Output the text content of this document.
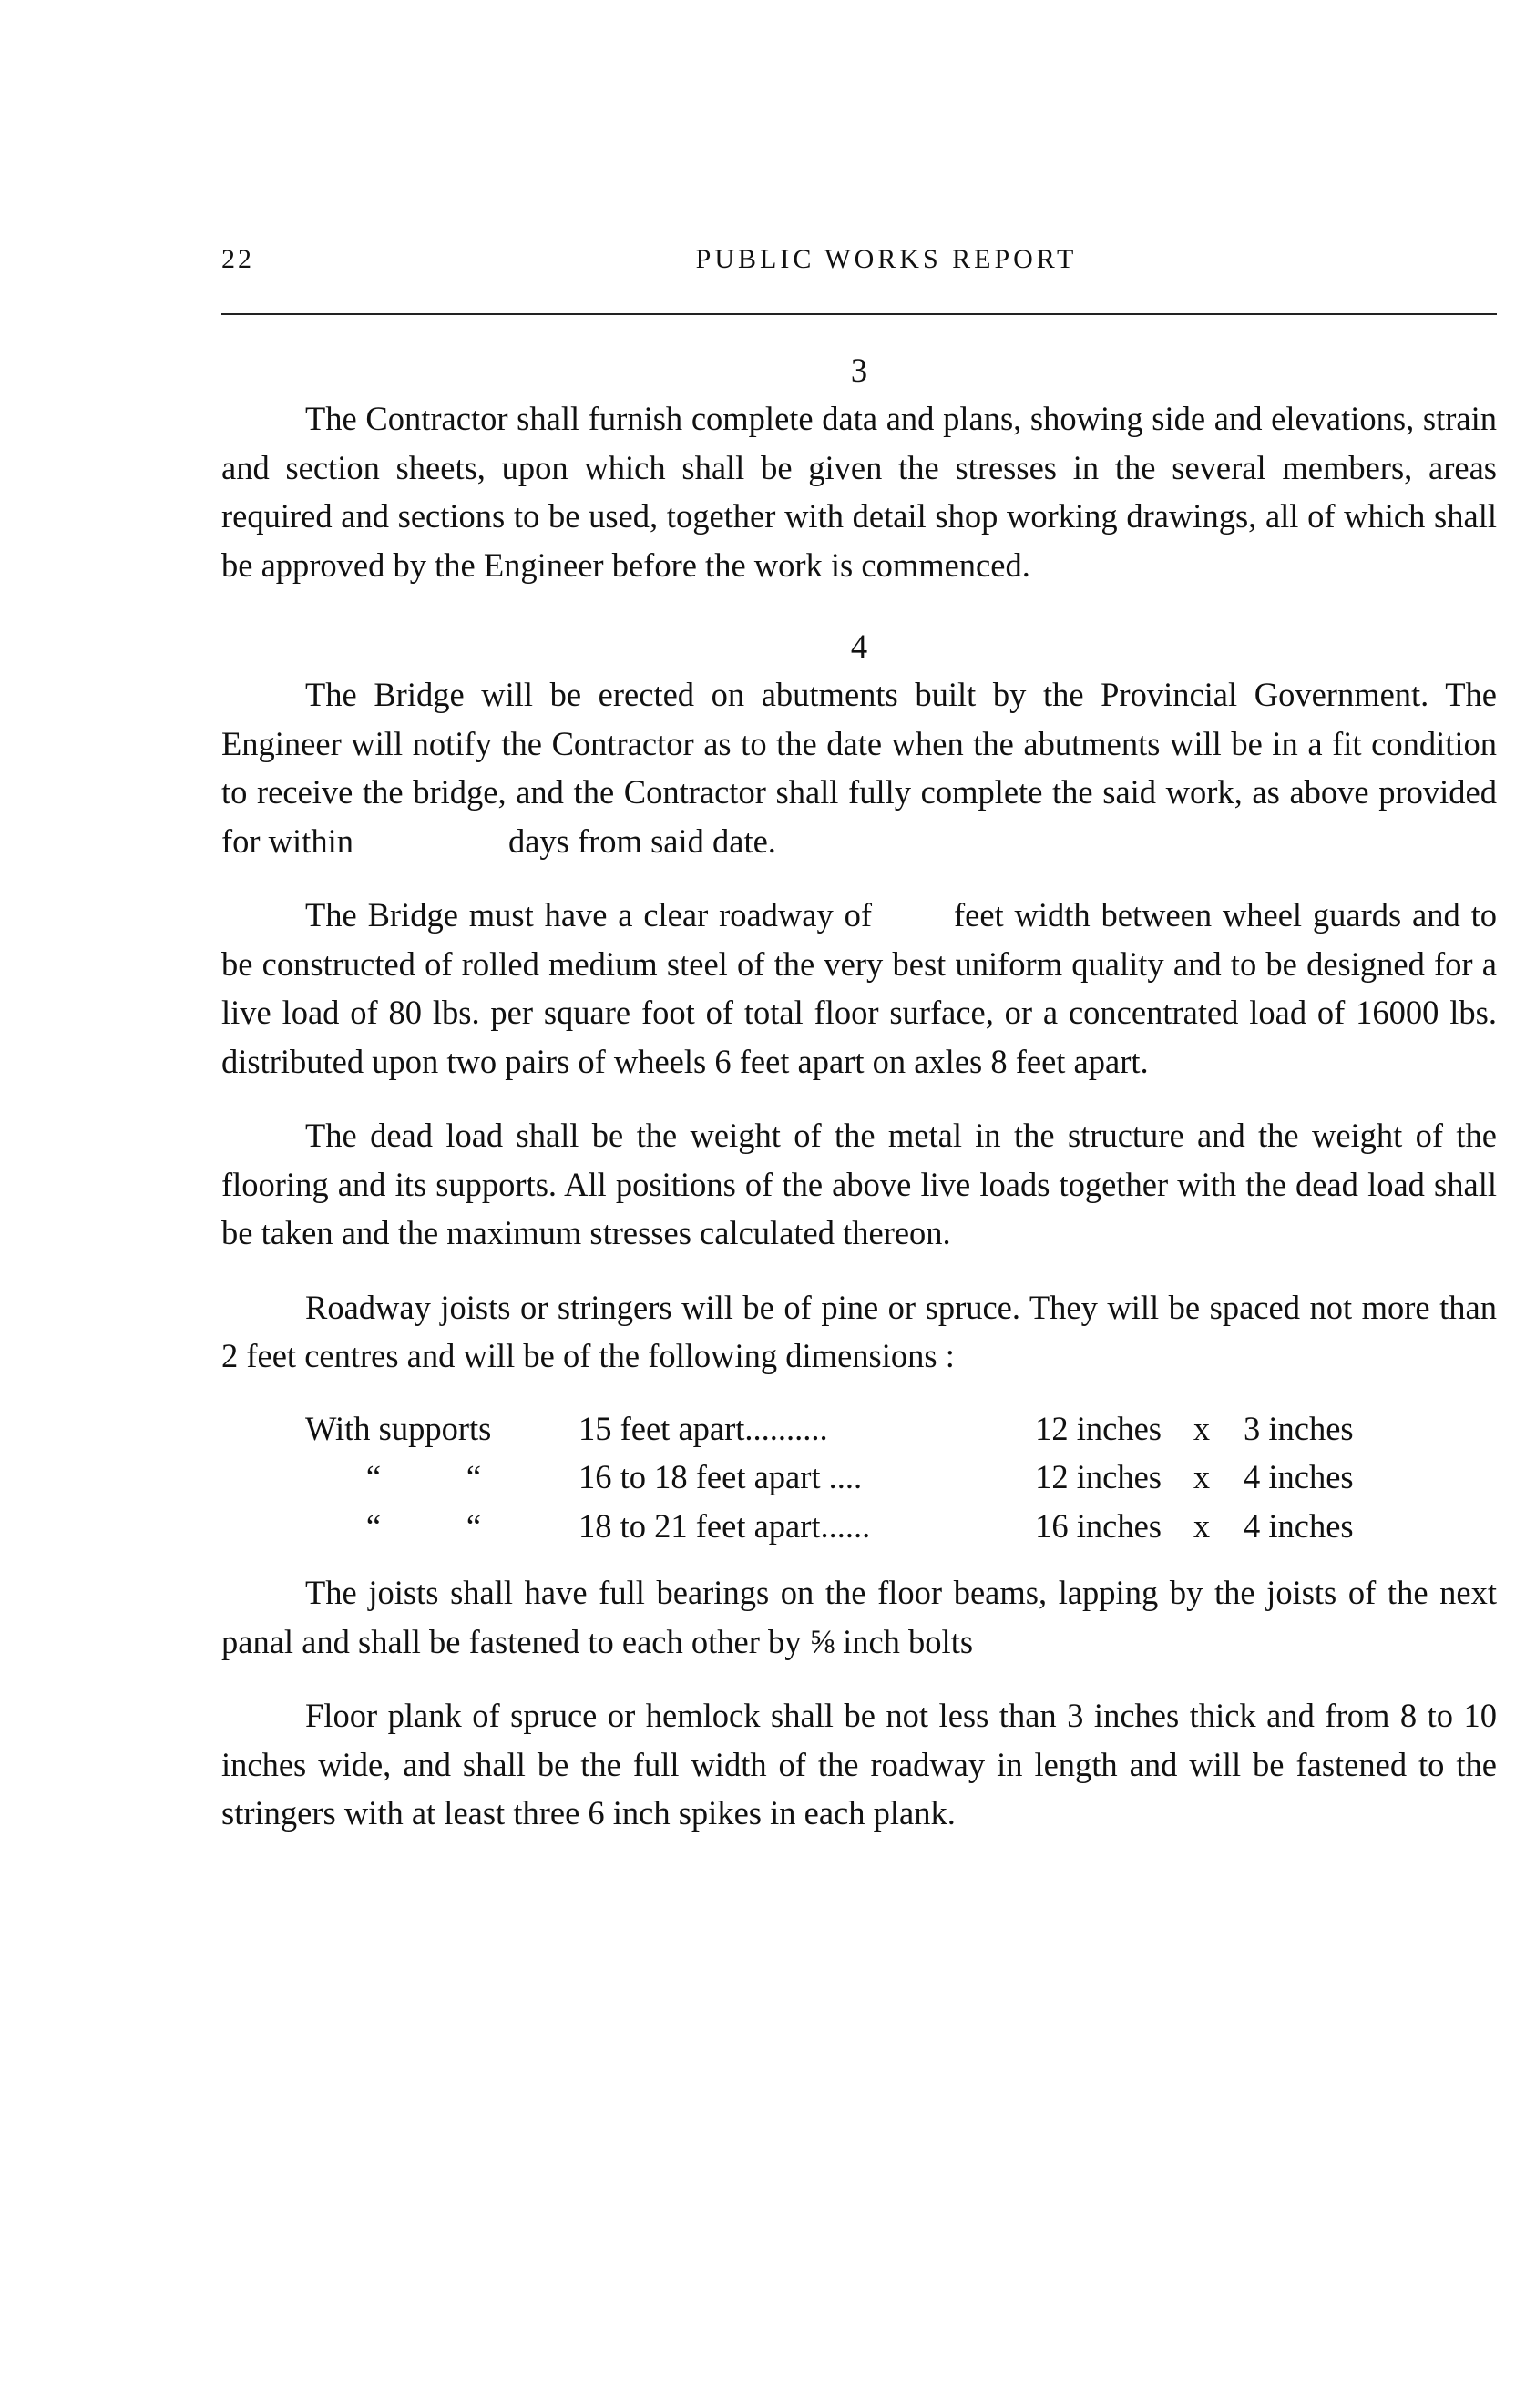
22	PUBLIC WORKS REPORT
3

The Contractor shall furnish complete data and plans, showing side and elevations, strain and section sheets, upon which shall be given the stresses in the several members, areas required and sections to be used, together with detail shop working drawings, all of which shall be approved by the Engineer before the work is commenced.

4

The Bridge will be erected on abutments built by the Provincial Government. The Engineer will notify the Contractor as to the date when the abutments will be in a fit condition to receive the bridge, and the Contractor shall fully complete the said work, as above provided for within	days from said date.

The Bridge must have a clear roadway of feet width between wheel guards and to be constructed of rolled medium steel of the very best uniform quality and to be designed for a live load of 80 lbs. per square foot of total floor surface, or a concentrated load of 16000 lbs. distributed upon two pairs of wheels 6 feet apart on axles 8 feet apart.

The dead load shall be the weight of the metal in the structure and the weight of the flooring and its supports. All positions of the above live loads together with the dead load shall be taken and the maximum stresses calculated thereon.

Roadway joists or stringers will be of pine or spruce. They will be spaced not more than 2 feet centres and will be of the following dimensions :

With supports	15 feet apart..........	12 inches	x	3 inches
“ “	16 to 18 feet apart ....	12 inches	x	4 inches
“ “	18 to 21 feet apart......	16 inches	x	4 inches

The joists shall have full bearings on the floor beams, lapping by the joists of the next panal and shall be fastened to each other by ⅝ inch bolts

Floor plank of spruce or hemlock shall be not less than 3 inches thick and from 8 to 10 inches wide, and shall be the full width of the roadway in length and will be fastened to the stringers with at least three 6 inch spikes in each plank.
